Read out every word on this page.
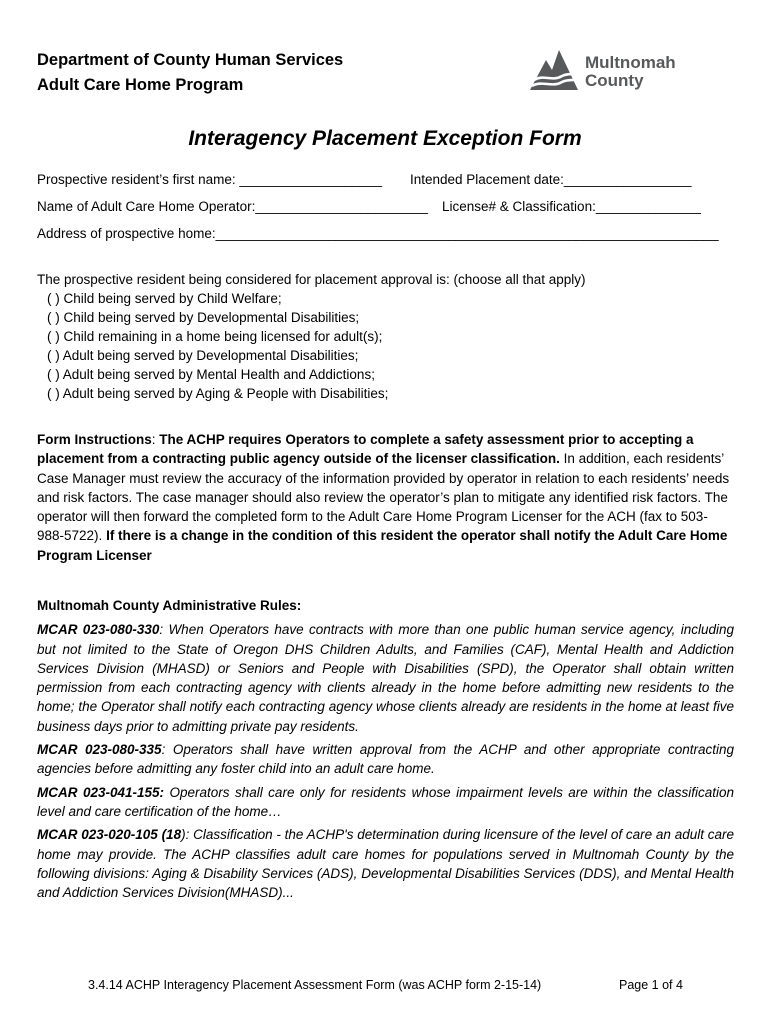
Department of County Human Services
Adult Care Home Program
Multnomah
County
Interagency Placement Exception Form
Prospective resident’s first name: ___________________ Intended Placement date:_________________
Name of Adult Care Home Operator:_______________________ License# & Classification:______________
Address of prospective home:___________________________________________________________________
The prospective resident being considered for placement approval is: (choose all that apply)
( ) Child being served by Child Welfare;
( ) Child being served by Developmental Disabilities;
( ) Child remaining in a home being licensed for adult(s);
( ) Adult being served by Developmental Disabilities;
( ) Adult being served by Mental Health and Addictions;
( ) Adult being served by Aging & People with Disabilities;
Form Instructions: The ACHP requires Operators to complete a safety assessment prior to accepting a placement from a contracting public agency outside of the licenser classification. In addition, each residents’ Case Manager must review the accuracy of the information provided by operator in relation to each residents’ needs and risk factors. The case manager should also review the operator’s plan to mitigate any identified risk factors. The operator will then forward the completed form to the Adult Care Home Program Licenser for the ACH (fax to 503-988-5722). If there is a change in the condition of this resident the operator shall notify the Adult Care Home Program Licenser
Multnomah County Administrative Rules:
MCAR 023-080-330: When Operators have contracts with more than one public human service agency, including but not limited to the State of Oregon DHS Children Adults, and Families (CAF), Mental Health and Addiction Services Division (MHASD) or Seniors and People with Disabilities (SPD), the Operator shall obtain written permission from each contracting agency with clients already in the home before admitting new residents to the home; the Operator shall notify each contracting agency whose clients already are residents in the home at least five business days prior to admitting private pay residents.
MCAR 023-080-335: Operators shall have written approval from the ACHP and other appropriate contracting agencies before admitting any foster child into an adult care home.
MCAR 023-041-155: Operators shall care only for residents whose impairment levels are within the classification level and care certification of the home…
MCAR 023-020-105 (18): Classification - the ACHP's determination during licensure of the level of care an adult care home may provide. The ACHP classifies adult care homes for populations served in Multnomah County by the following divisions: Aging & Disability Services (ADS), Developmental Disabilities Services (DDS), and Mental Health and Addiction Services Division(MHASD)...
3.4.14 ACHP Interagency Placement Assessment Form (was ACHP form 2-15-14)	Page 1 of 4
